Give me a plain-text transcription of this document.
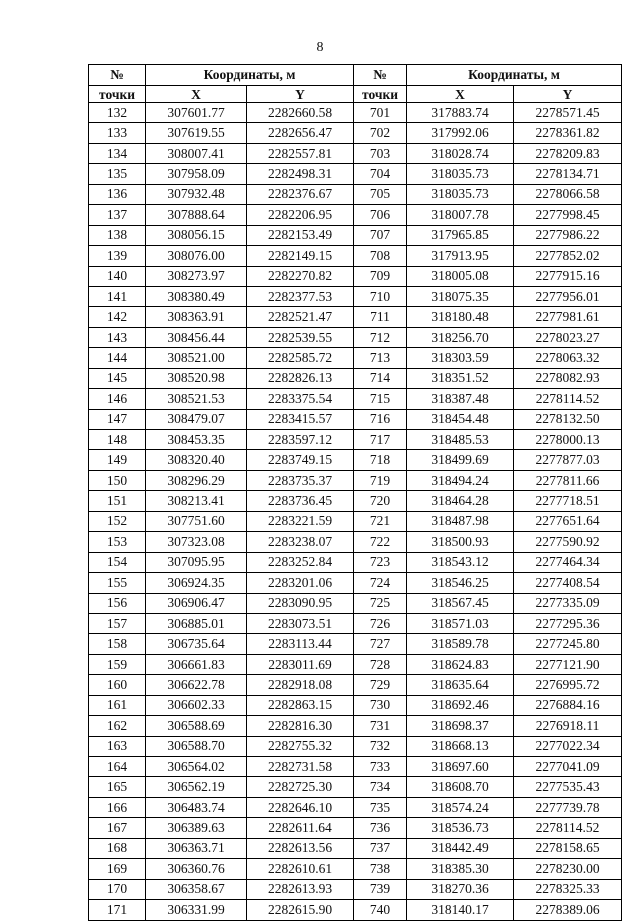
8
№	Координаты, м		№	Координаты, м	
точки	X	Y	точки	X	Y
132	307601.77	2282660.58	701	317883.74	2278571.45
133	307619.55	2282656.47	702	317992.06	2278361.82
134	308007.41	2282557.81	703	318028.74	2278209.83
135	307958.09	2282498.31	704	318035.73	2278134.71
136	307932.48	2282376.67	705	318035.73	2278066.58
137	307888.64	2282206.95	706	318007.78	2277998.45
138	308056.15	2282153.49	707	317965.85	2277986.22
139	308076.00	2282149.15	708	317913.95	2277852.02
140	308273.97	2282270.82	709	318005.08	2277915.16
141	308380.49	2282377.53	710	318075.35	2277956.01
142	308363.91	2282521.47	711	318180.48	2277981.61
143	308456.44	2282539.55	712	318256.70	2278023.27
144	308521.00	2282585.72	713	318303.59	2278063.32
145	308520.98	2282826.13	714	318351.52	2278082.93
146	308521.53	2283375.54	715	318387.48	2278114.52
147	308479.07	2283415.57	716	318454.48	2278132.50
148	308453.35	2283597.12	717	318485.53	2278000.13
149	308320.40	2283749.15	718	318499.69	2277877.03
150	308296.29	2283735.37	719	318494.24	2277811.66
151	308213.41	2283736.45	720	318464.28	2277718.51
152	307751.60	2283221.59	721	318487.98	2277651.64
153	307323.08	2283238.07	722	318500.93	2277590.92
154	307095.95	2283252.84	723	318543.12	2277464.34
155	306924.35	2283201.06	724	318546.25	2277408.54
156	306906.47	2283090.95	725	318567.45	2277335.09
157	306885.01	2283073.51	726	318571.03	2277295.36
158	306735.64	2283113.44	727	318589.78	2277245.80
159	306661.83	2283011.69	728	318624.83	2277121.90
160	306622.78	2282918.08	729	318635.64	2276995.72
161	306602.33	2282863.15	730	318692.46	2276884.16
162	306588.69	2282816.30	731	318698.37	2276918.11
163	306588.70	2282755.32	732	318668.13	2277022.34
164	306564.02	2282731.58	733	318697.60	2277041.09
165	306562.19	2282725.30	734	318608.70	2277535.43
166	306483.74	2282646.10	735	318574.24	2277739.78
167	306389.63	2282611.64	736	318536.73	2278114.52
168	306363.71	2282613.56	737	318442.49	2278158.65
169	306360.76	2282610.61	738	318385.30	2278230.00
170	306358.67	2282613.93	739	318270.36	2278325.33
171	306331.99	2282615.90	740	318140.17	2278389.06
